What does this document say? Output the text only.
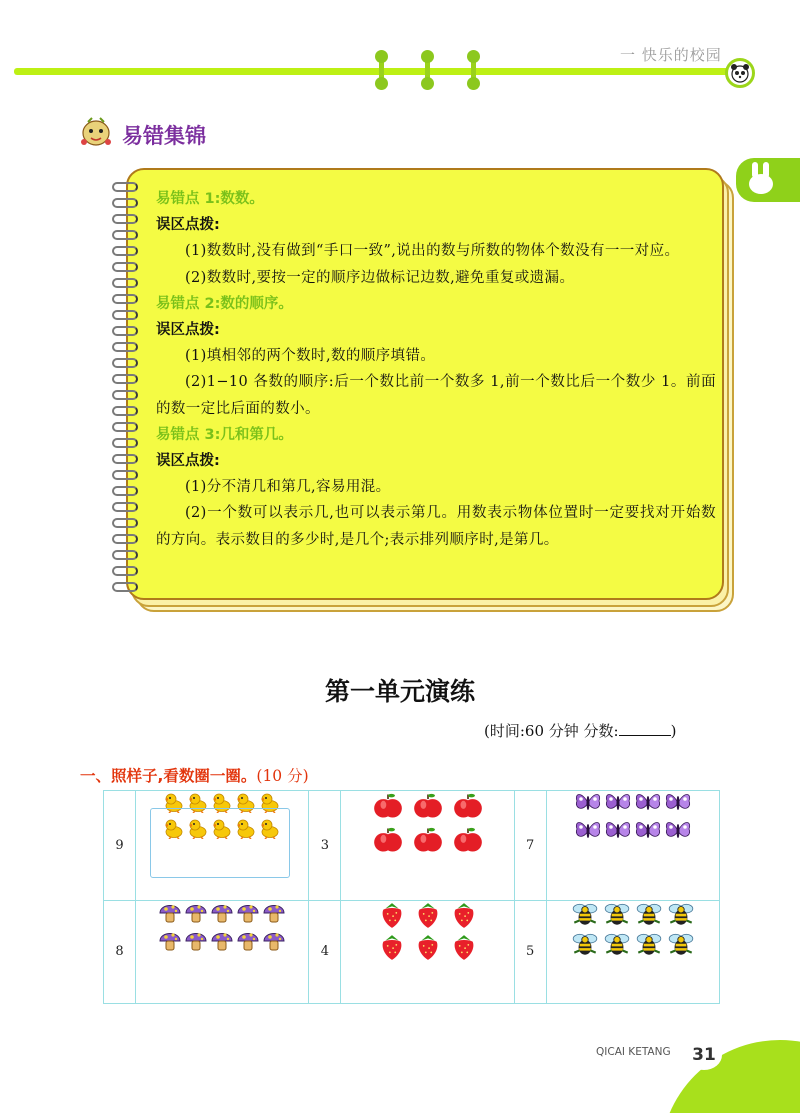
一 快乐的校园
易错集锦
易错点 1:数数。
误区点拨:
(1)数数时,没有做到“手口一致”,说出的数与所数的物体个数没有一一对应。
(2)数数时,要按一定的顺序边做标记边数,避免重复或遗漏。
易错点 2:数的顺序。
误区点拨:
(1)填相邻的两个数时,数的顺序填错。
(2)1−10 各数的顺序:后一个数比前一个数多 1,前一个数比后一个数少 1。前面的数一定比后面的数小。
易错点 3:几和第几。
误区点拨:
(1)分不清几和第几,容易用混。
(2)一个数可以表示几,也可以表示第几。用数表示物体位置时一定要找对开始数的方向。表示数目的多少时,是几个;表示排列顺序时,是第几。
第一单元演练
(时间:60 分钟 分数:	)
一、照样子,看数圈一圈。(10 分)
9		3		7	

8		4		5	
QICAI KETANG	31
